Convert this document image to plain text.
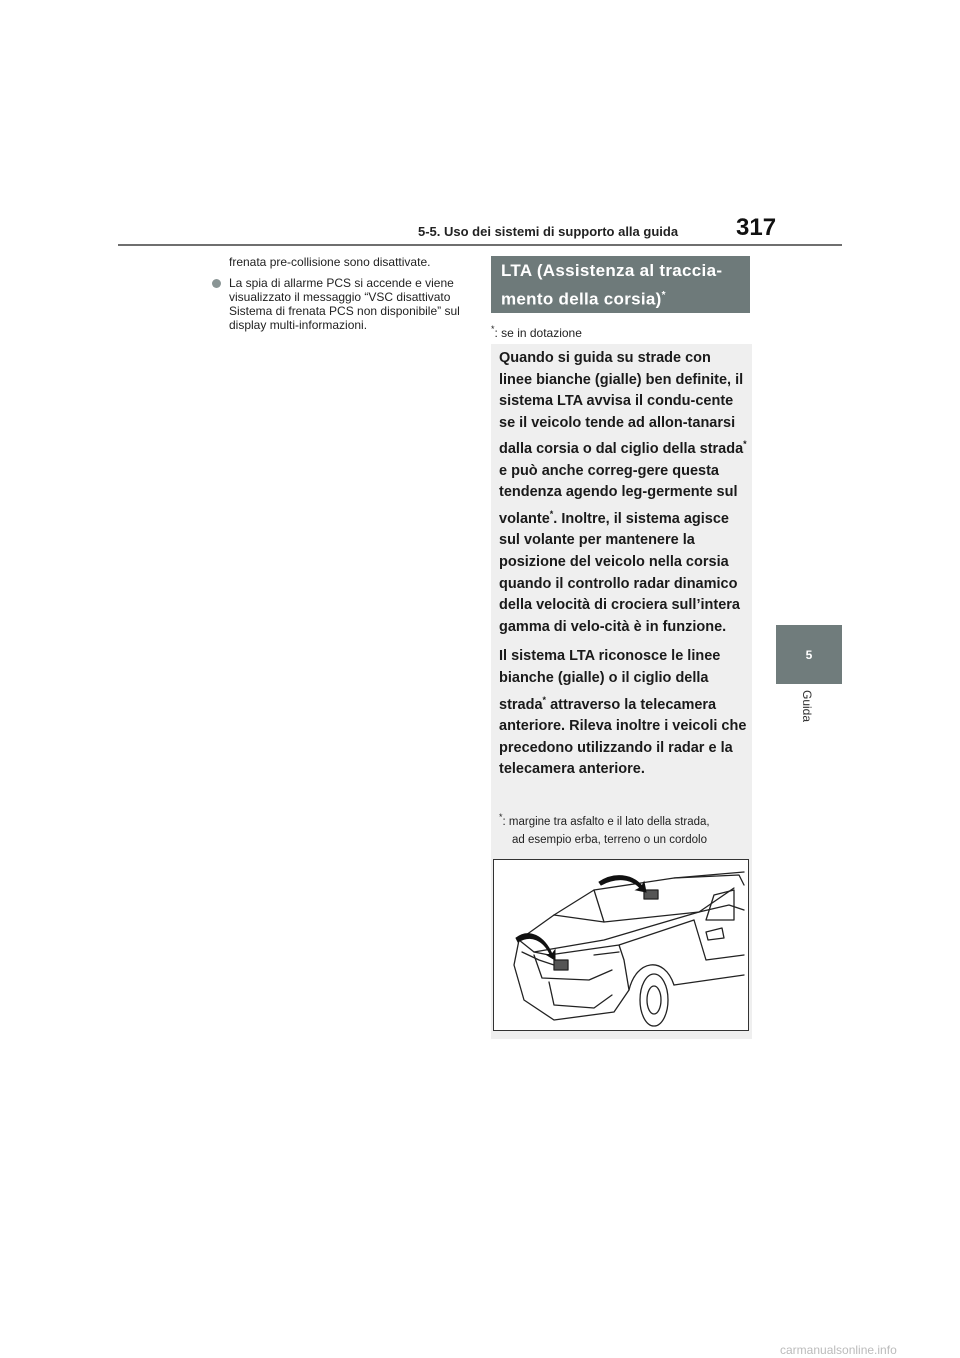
5-5. Uso dei sistemi di supporto alla guida 317
5
Guida

frenata pre-collisione sono disattivate.

La spia di allarme PCS si accende e viene visualizzato il messaggio “VSC disattivato Sistema di frenata PCS non disponibile” sul display multi-informazioni.
LTA (Assistenza al traccia-
mento della corsia)*
*: se in dotazione

Quando si guida su strade con linee bianche (gialle) ben definite, il sistema LTA avvisa il condu-cente se il veicolo tende ad allon-tanarsi dalla corsia o dal ciglio della strada* e può anche correg-gere questa tendenza agendo leg-germente sul volante*. Inoltre, il sistema agisce sul volante per mantenere la posizione del veicolo nella corsia quando il controllo radar dinamico della velocità di crociera sull’intera gamma di velo-cità è in funzione.

Il sistema LTA riconosce le linee bianche (gialle) o il ciglio della strada* attraverso la telecamera anteriore. Rileva inoltre i veicoli che precedono utilizzando il radar e la telecamera anteriore.

*: margine tra asfalto e il lato della strada,
ad esempio erba, terreno o un cordolo
carmanualsonline.info
